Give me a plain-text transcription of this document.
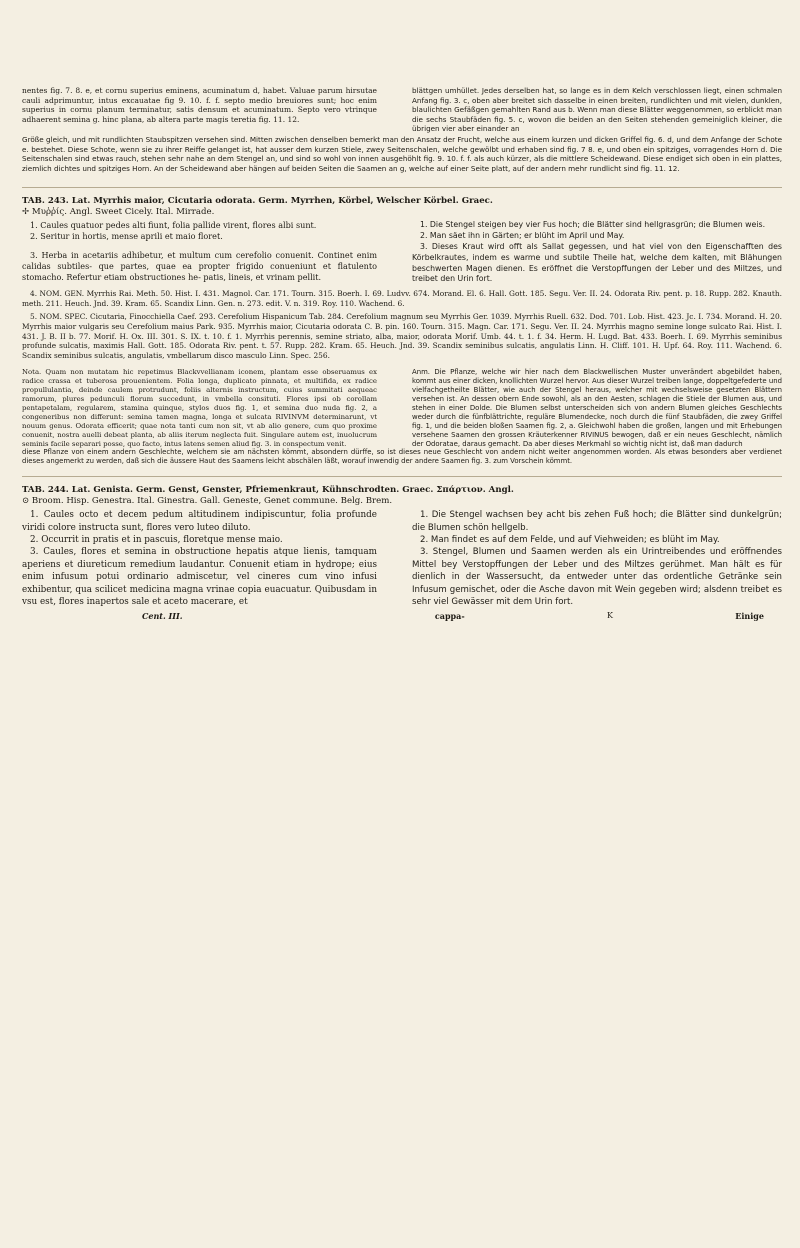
nentes fig. 7. 8. e, et cornu superius eminens, acuminatum d, habet. Valuae parum hirsutae cauli adprimuntur, intus excauatae fig 9. 10. f. f. septo medio breuiores sunt; hoc enim superius in cornu planum terminatur, satis densum et acuminatum. Septo vero vtrinque adhaerent semina g. hinc plana, ab altera parte magis teretia fig. 11. 12.

blättgen umhüllet. Jedes derselben hat, so lange es in dem Kelch verschlossen liegt, einen schmalen Anfang fig. 3. c, oben aber breitet sich dasselbe in einen breiten, rundlichten und mit vielen, dunklen, blaulichten Gefäßgen gemahlten Rand aus b. Wenn man diese Blätter weggenommen, so erblickt man die sechs Staubfäden fig. 5. c, wovon die beiden an den Seiten stehenden gemeiniglich kleiner, die übrigen vier aber einander an

Größe gleich, und mit rundlichten Staubspitzen versehen sind. Mitten zwischen denselben bemerkt man den Ansatz der Frucht, welche aus einem kurzen und dicken Griffel fig. 6. d, und dem Anfange der Schote e. bestehet. Diese Schote, wenn sie zu ihrer Reiffe gelanget ist, hat ausser dem kurzen Stiele, zwey Seitenschalen, welche gewölbt und erhaben sind fig. 7 8. e, und oben ein spitziges, vorragendes Horn d. Die Seitenschalen sind etwas rauch, stehen sehr nahe an dem Stengel an, und sind so wohl von innen ausgehöhlt fig. 9. 10. f. f. als auch kürzer, als die mittlere Scheidewand. Diese endiget sich oben in ein plattes, ziemlich dichtes und spitziges Horn. An der Scheidewand aber hängen auf beiden Seiten die Saamen an g, welche auf einer Seite platt, auf der andern mehr rundlicht sind fig. 11. 12.

TAB. 243. Lat. Myrrhis maior, Cicutaria odorata. Germ. Myrrhen, Körbel, Welscher Körbel. Graec.

✢ Μυῤῥίς. Angl. Sweet Cicely. Ital. Mirrade.

1. Caules quatuor pedes alti fiunt, folia pallide virent, flores albi sunt.

2. Seritur in hortis, mense aprili et maio floret.

3. Herba in acetariis adhibetur, et multum cum cerefolio conuenit. Continet enim calidas subtiles- que partes, quae ea propter frigido conueniunt et flatulento stomacho. Refertur etiam obstructiones he- patis, lineis, et vrinam pellit.

1. Die Stengel steigen bey vier Fus hoch; die Blätter sind hellgrasgrün; die Blumen weis.

2. Man säet ihn in Gärten; er blüht im April und May.

3. Dieses Kraut wird offt als Sallat gegessen, und hat viel von den Eigenschafften des Körbelkrautes, indem es warme und subtile Theile hat, welche dem kalten, mit Blähungen beschwerten Magen dienen. Es eröffnet die Verstopffungen der Leber und des Miltzes, und treibet den Urin fort.

4. NOM. GEN. Myrrhis Rai. Meth. 50. Hist. I. 431. Magnol. Car. 171. Tourn. 315. Boerh. I. 69. Ludvv. 674. Morand. El. 6. Hall. Gott. 185. Segu. Ver. II. 24. Odorata Riv. pent. p. 18. Rupp. 282. Knauth. meth. 211. Heuch. Jnd. 39. Kram. 65. Scandix Linn. Gen. n. 273. edit. V. n. 319. Roy. 110. Wachend. 6.

5. NOM. SPEC. Cicutaria, Finocchiella Caef. 293. Cerefolium Hispanicum Tab. 284. Cerefolium magnum seu Myrrhis Ger. 1039. Myrrhis Ruell. 632. Dod. 701. Lob. Hist. 423. Jc. I. 734. Morand. H. 20. Myrrhis maior vulgaris seu Cerefolium maius Park. 935. Myrrhis maior, Cicutaria odorata C. B. pin. 160. Tourn. 315. Magn. Car. 171. Segu. Ver. II. 24. Myrrhis magno semine longe sulcato Rai. Hist. I. 431. J. B. II b. 77. Morif. H. Ox. III. 301. S. IX. t. 10. f. 1. Myrrhis perennis, semine striato, alba, maior, odorata Morif. Umb. 44. t. 1. f. 34. Herm. H. Lugd. Bat. 433. Boerh. I. 69. Myrrhis seminibus profunde sulcatis, maximis Hall. Gott. 185. Odorata Riv. pent. t. 57. Rupp. 282. Kram. 65. Heuch. Jnd. 39. Scandix seminibus sulcatis, angulatis Linn. H. Cliff. 101. H. Upf. 64. Roy. 111. Wachend. 6. Scandix seminibus sulcatis, angulatis, vmbellarum disco masculo Linn. Spec. 256.

Nota. Quam non mutatam hic repetimus Blackvvellianam iconem, plantam esse obseruamus ex radice crassa et tuberosa prouenientem. Folia longa, duplicato pinnata, et multifida, ex radice propullulantia, deinde caulem protrudunt, foliis alternis instructum, cuius summitati aequeac ramorum, plures pedunculi florum succedunt, in vmbella consituti. Flores ipsi ob corollam pentapetalam, regularem, stamina quinque, stylos duos fig. 1, et semina duo nuda fig. 2, a congeneribus non differunt: semina tamen magna, longa et sulcata RIVINVM determinarunt, vt nouum genus. Odorata efficerit; quae nota tanti cum non sit, vt ab alio genere, cum quo proxime conuenit, nostra auelli debeat planta, ab aliis iterum neglecta fuit. Singulare autem est, inuolucrum seminis facile separari posse, quo facto, intus latens semen aliud fig. 3. in conspectum venit.

Anm. Die Pflanze, welche wir hier nach dem Blackwellischen Muster unverändert abgebildet haben, kommt aus einer dicken, knollichten Wurzel hervor. Aus dieser Wurzel treiben lange, doppeltgefederte und vielfachgetheilte Blätter, wie auch der Stengel heraus, welcher mit wechselsweise gesetzten Blättern versehen ist. An dessen obern Ende sowohl, als an den Aesten, schlagen die Stiele der Blumen aus, und stehen in einer Dolde. Die Blumen selbst unterscheiden sich von andern Blumen gleiches Geschlechts weder durch die fünfblättrichte, reguläre Blumendecke, noch durch die fünf Staubfäden, die zwey Griffel fig. 1, und die beiden bloßen Saamen fig. 2, a. Gleichwohl haben die großen, langen und mit Erhebungen versehene Saamen den grossen Kräuterkenner RIVINUS bewogen, daß er ein neues Geschlecht, nämlich der Odoratae, daraus gemacht. Da aber dieses Merkmahl so wichtig nicht ist, daß man dadurch

diese Pflanze von einem andern Geschlechte, welchem sie am nächsten kömmt, absondern dürffe, so ist dieses neue Geschlecht von andern nicht weiter angenommen worden. Als etwas besonders aber verdienet dieses angemerkt zu werden, daß sich die äussere Haut des Saamens leicht abschälen läßt, worauf inwendig der andere Saamen fig. 3. zum Vorschein kömmt.

TAB. 244. Lat. Genista. Germ. Genst, Genster, Pfriemenkraut, Kühnschrodten. Graec. Σπάρτιον. Angl.

⊙ Broom. Hisp. Genestra. Ital. Ginestra. Gall. Geneste, Genet commune. Belg. Brem.

1. Caules octo et decem pedum altitudinem indipiscuntur, folia profunde viridi colore instructa sunt, flores vero luteo diluto.

2. Occurrit in pratis et in pascuis, floretque mense maio.

3. Caules, flores et semina in obstructione hepatis atque lienis, tamquam aperiens et diureticum remedium laudantur. Conuenit etiam in hydrope; eius enim infusum potui ordinario admiscetur, vel cineres cum vino infusi exhibentur, qua scilicet medicina magna vrinae copia euacuatur. Quibusdam in vsu est, flores inapertos sale et aceto macerare, et

1. Die Stengel wachsen bey acht bis zehen Fuß hoch; die Blätter sind dunkelgrün; die Blumen schön hellgelb.

2. Man findet es auf dem Felde, und auf Viehweiden; es blüht im May.

3. Stengel, Blumen und Saamen werden als ein Urintreibendes und eröffnendes Mittel bey Verstopffungen der Leber und des Miltzes gerühmet. Man hält es für dienlich in der Wassersucht, da entweder unter das ordentliche Getränke sein Infusum gemischet, oder die Asche davon mit Wein gegeben wird; alsdenn treibet es sehr viel Gewässer mit dem Urin fort.

Cent. III.	cappa-	K	Einige
